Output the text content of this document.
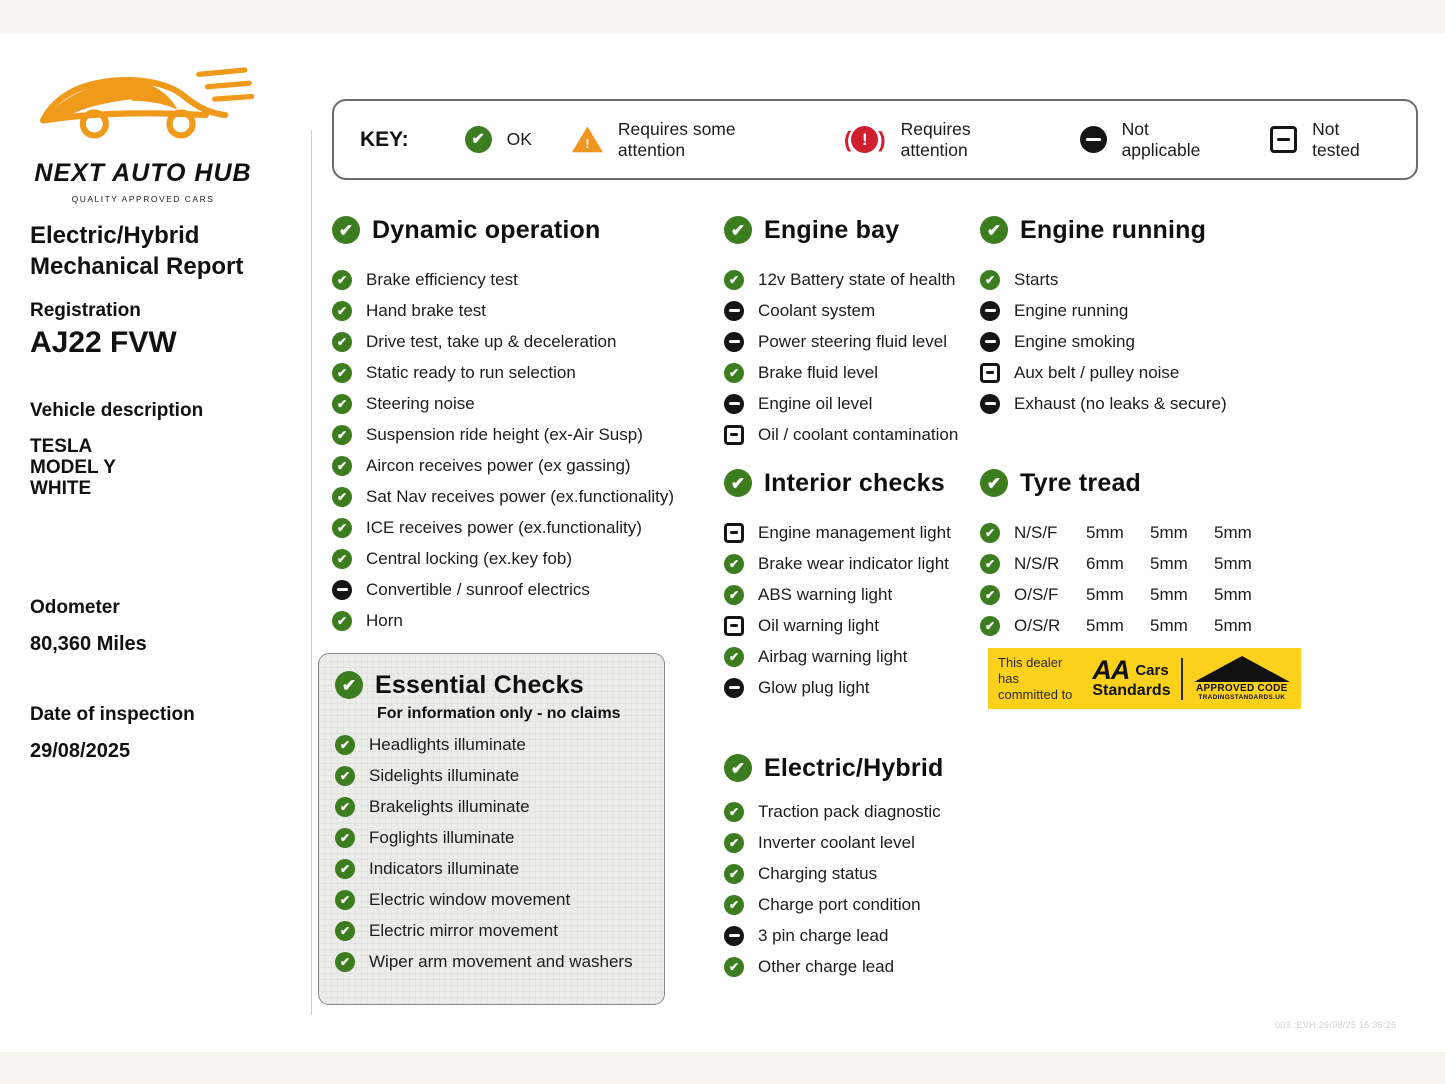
NEXT AUTO HUB
QUALITY APPROVED CARS
KEY: ✔	OK
!
Requires some attention	( ! ) Requires attention
Not applicable
Not tested
Electric/Hybrid
Mechanical Report
Registration
AJ22 FVW
Vehicle description
TESLA
MODEL Y
WHITE
Odometer
80,360 Miles
Date of inspection
29/08/2025
✔
Dynamic operation
✔
Brake efficiency test
✔
Hand brake test
✔
Drive test, take up & deceleration
✔
Static ready to run selection
✔
Steering noise
✔
Suspension ride height (ex-Air Susp)
✔
Aircon receives power (ex gassing)
✔
Sat Nav receives power (ex.functionality)
✔
ICE receives power (ex.functionality)
✔
Central locking (ex.key fob)
Convertible / sunroof electrics
✔
Horn
✔
Essential Checks
For information only - no claims
✔
Headlights illuminate
✔
Sidelights illuminate
✔
Brakelights illuminate
✔
Foglights illuminate
✔
Indicators illuminate
✔
Electric window movement
✔
Electric mirror movement
✔
Wiper arm movement and washers
✔
Engine bay
✔
12v Battery state of health
Coolant system
Power steering fluid level
✔
Brake fluid level
Engine oil level
Oil / coolant contamination
✔
Interior checks
Engine management light
✔
Brake wear indicator light
✔
ABS warning light
Oil warning light
✔
Airbag warning light
Glow plug light
✔
Electric/Hybrid
✔
Traction pack diagnostic
✔
Inverter coolant level
✔
Charging status
✔
Charge port condition
3 pin charge lead
✔
Other charge lead
✔
Engine running
✔
Starts
Engine running
Engine smoking
Aux belt / pulley noise
Exhaust (no leaks & secure)
✔
Tyre tread
✔
N/S/F	5mm	5mm	5mm
✔
N/S/R	6mm	5mm	5mm
✔
O/S/F	5mm	5mm	5mm
✔
O/S/R	5mm	5mm	5mm
This dealer has
committed to
AA Cars
Standards	APPROVED CODE
TRADINGSTANDARDS.UK
003 :EVH 29/08/25 15:36:26
